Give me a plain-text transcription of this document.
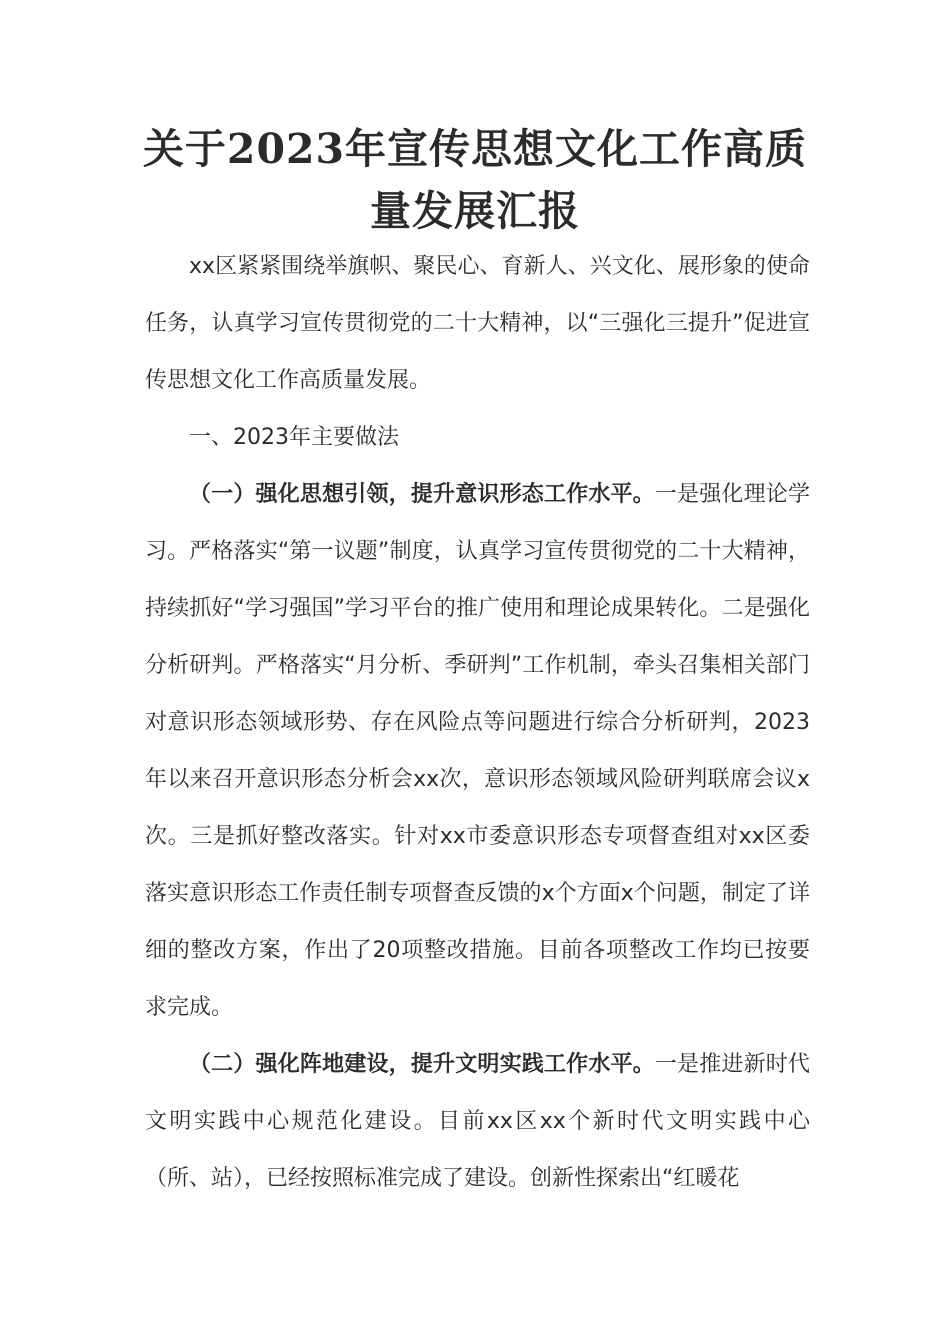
关于2023年宣传思想文化工作高质量发展汇报

xx区紧紧围绕举旗帜、聚民心、育新人、兴文化、展形象的使命任务，认真学习宣传贯彻党的二十大精神，以“三强化三提升”促进宣传思想文化工作高质量发展。

一、2023年主要做法

（一）强化思想引领，提升意识形态工作水平。一是强化理论学习。严格落实“第一议题”制度，认真学习宣传贯彻党的二十大精神，持续抓好“学习强国”学习平台的推广使用和理论成果转化。二是强化分析研判。严格落实“月分析、季研判”工作机制，牵头召集相关部门对意识形态领域形势、存在风险点等问题进行综合分析研判，2023年以来召开意识形态分析会xx次，意识形态领域风险研判联席会议x次。三是抓好整改落实。针对xx市委意识形态专项督查组对xx区委落实意识形态工作责任制专项督查反馈的x个方面x个问题，制定了详细的整改方案，作出了20项整改措施。目前各项整改工作均已按要求完成。

（二）强化阵地建设，提升文明实践工作水平。一是推进新时代文明实践中心规范化建设。目前xx区xx个新时代文明实践中心（所、站），已经按照标准完成了建设。创新性探索出“红暖花
